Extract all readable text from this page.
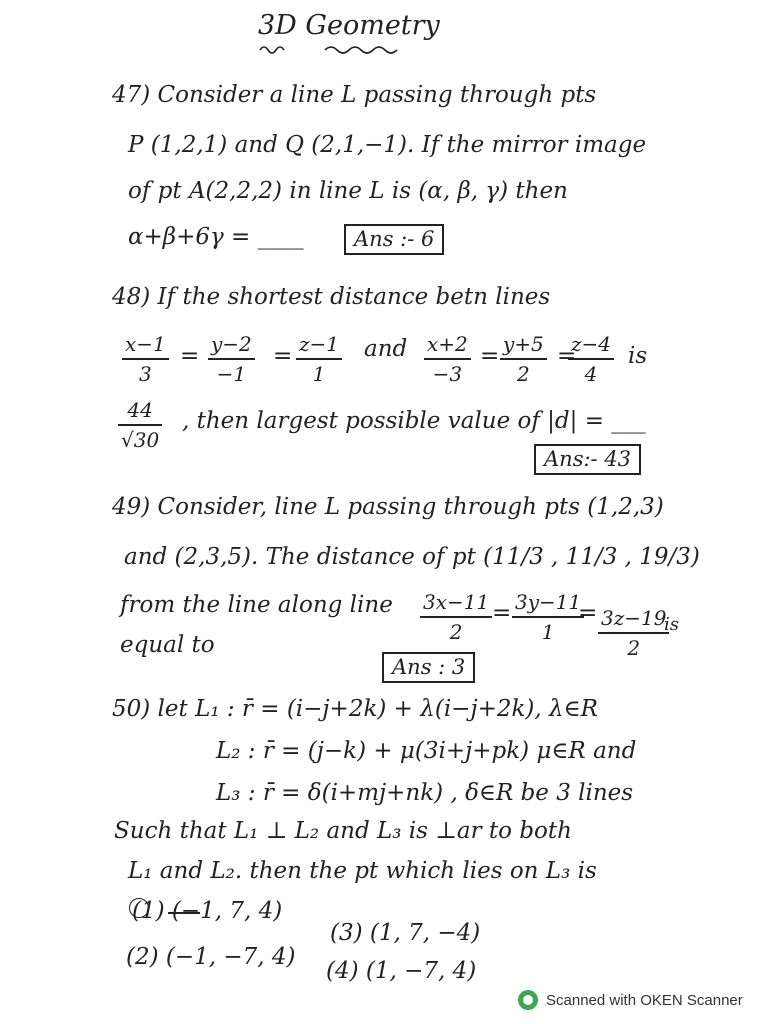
3D Geometry
47) Consider a line L passing through pts
P (1,2,1) and Q (2,1,−1). If the mirror image
of pt A(2,2,2) in line L is (α, β, γ) then
α+β+6γ = ____	Ans :- 6
48) If the shortest distance betn lines
x−1
3
= y−2
−1
= z−1
1
and x+2
−3
= y+5
2
=
z−4
4
is
44
√30
, then largest possible value of |d| = ___
Ans:- 43
49) Consider, line L passing through pts (1,2,3)
and (2,3,5). The distance of pt (11/3 , 11/3 , 19/3)
from the line along line 3x−11
2
= 3y−11
1
= 3z−19
2
is
equal to
Ans : 3
50) let L₁ : r̄ = (i−j+2k) + λ(i−j+2k), λ∈R
L₂ : r̄ = (j−k) + μ(3i+j+pk) μ∈R and
L₃ : r̄ = δ(i+mj+nk) , δ∈R be 3 lines
Such that L₁ ⊥ L₂ and L₃ is ⊥ar to both
L₁ and L₂. then the pt which lies on L₃ is
(1) (−1, 7, 4)
(3) (1, 7, −4)
(2) (−1, −7, 4)
(4) (1, −7, 4)
Scanned with OKEN Scanner
